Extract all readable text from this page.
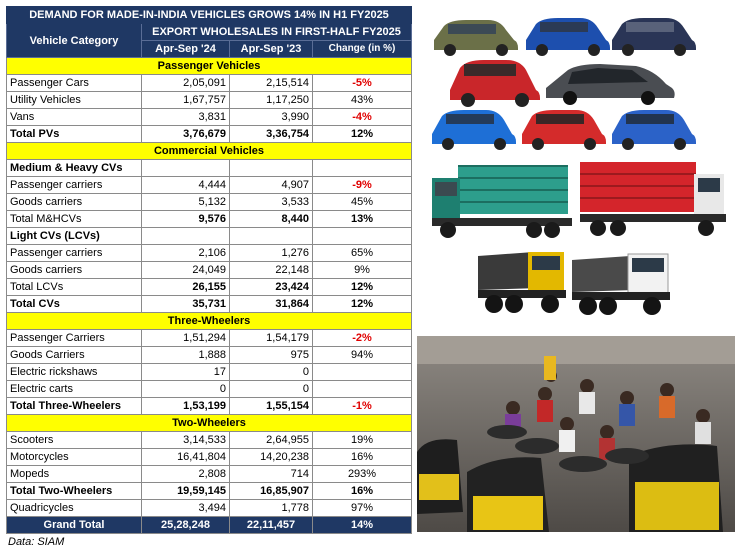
DEMAND FOR MADE-IN-INDIA VEHICLES GROWS 14% IN H1 FY2025			
Vehicle Category	EXPORT WHOLESALES IN FIRST-HALF FY2025		
	Apr-Sep '24	Apr-Sep '23	Change (in %)
Passenger Vehicles			
Passenger Cars	2,05,091	2,15,514	-5%
Utility Vehicles	1,67,757	1,17,250	43%
Vans	3,831	3,990	-4%
Total PVs	3,76,679	3,36,754	12%
Commercial Vehicles			
Medium & Heavy CVs			
Passenger carriers	4,444	4,907	-9%
Goods carriers	5,132	3,533	45%
Total M&HCVs	9,576	8,440	13%
Light CVs (LCVs)			
Passenger carriers	2,106	1,276	65%
Goods carriers	24,049	22,148	9%
Total LCVs	26,155	23,424	12%
Total CVs	35,731	31,864	12%
Three-Wheelers			
Passenger Carriers	1,51,294	1,54,179	-2%
Goods Carriers	1,888	975	94%
Electric rickshaws	17	0	
Electric carts	0	0	
Total Three-Wheelers	1,53,199	1,55,154	-1%
Two-Wheelers			
Scooters	3,14,533	2,64,955	19%
Motorcycles	16,41,804	14,20,238	16%
Mopeds	2,808	714	293%
Total Two-Wheelers	19,59,145	16,85,907	16%
Quadricycles	3,494	1,778	97%
Grand Total	25,28,248	22,11,457	14%
Data: SIAM
